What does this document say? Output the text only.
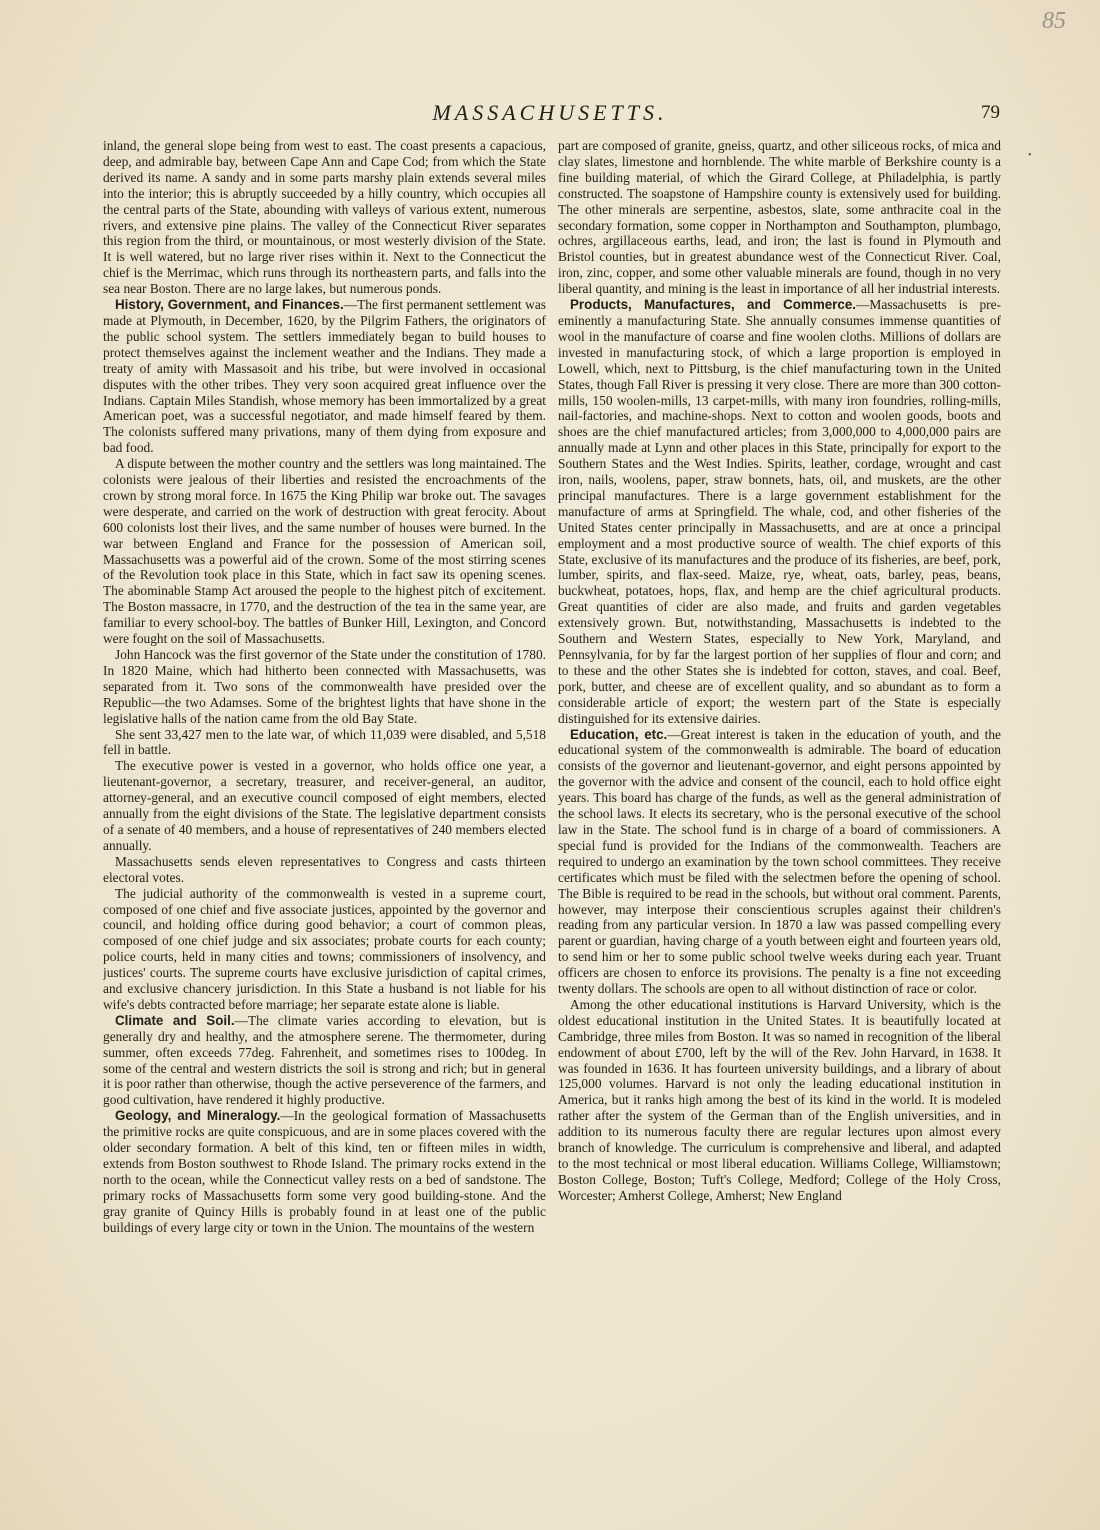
85
MASSACHUSETTS.	79
•

inland, the general slope being from west to east. The coast presents a capacious, deep, and admirable bay, between Cape Ann and Cape Cod; from which the State derived its name. A sandy and in some parts marshy plain extends several miles into the interior; this is abruptly succeeded by a hilly country, which occupies all the central parts of the State, abounding with valleys of various extent, numerous rivers, and extensive pine plains. The valley of the Connecticut River separates this region from the third, or mountainous, or most westerly division of the State. It is well watered, but no large river rises within it. Next to the Connecticut the chief is the Merrimac, which runs through its northeastern parts, and falls into the sea near Boston. There are no large lakes, but numerous ponds.

History, Government, and Finances.—The first permanent settlement was made at Plymouth, in December, 1620, by the Pilgrim Fathers, the originators of the public school system. The settlers immediately began to build houses to protect themselves against the inclement weather and the Indians. They made a treaty of amity with Massasoit and his tribe, but were involved in occasional disputes with the other tribes. They very soon acquired great influence over the Indians. Captain Miles Standish, whose memory has been immortalized by a great American poet, was a successful negotiator, and made himself feared by them. The colonists suffered many privations, many of them dying from exposure and bad food.

A dispute between the mother country and the settlers was long maintained. The colonists were jealous of their liberties and resisted the encroachments of the crown by strong moral force. In 1675 the King Philip war broke out. The savages were desperate, and carried on the work of destruction with great ferocity. About 600 colonists lost their lives, and the same number of houses were burned. In the war between England and France for the possession of American soil, Massachusetts was a powerful aid of the crown. Some of the most stirring scenes of the Revolution took place in this State, which in fact saw its opening scenes. The abominable Stamp Act aroused the people to the highest pitch of excitement. The Boston massacre, in 1770, and the destruction of the tea in the same year, are familiar to every school-boy. The battles of Bunker Hill, Lexington, and Concord were fought on the soil of Massachusetts.

John Hancock was the first governor of the State under the constitution of 1780. In 1820 Maine, which had hitherto been connected with Massachusetts, was separated from it. Two sons of the commonwealth have presided over the Republic—the two Adamses. Some of the brightest lights that have shone in the legislative halls of the nation came from the old Bay State.

She sent 33,427 men to the late war, of which 11,039 were disabled, and 5,518 fell in battle.

The executive power is vested in a governor, who holds office one year, a lieutenant-governor, a secretary, treasurer, and receiver-general, an auditor, attorney-general, and an executive council composed of eight members, elected annually from the eight divisions of the State. The legislative department consists of a senate of 40 members, and a house of representatives of 240 members elected annually.

Massachusetts sends eleven representatives to Congress and casts thirteen electoral votes.

The judicial authority of the commonwealth is vested in a supreme court, composed of one chief and five associate justices, appointed by the governor and council, and holding office during good behavior; a court of common pleas, composed of one chief judge and six associates; probate courts for each county; police courts, held in many cities and towns; commissioners of insolvency, and justices' courts. The supreme courts have exclusive jurisdiction of capital crimes, and exclusive chancery jurisdiction. In this State a husband is not liable for his wife's debts contracted before marriage; her separate estate alone is liable.

Climate and Soil.—The climate varies according to elevation, but is generally dry and healthy, and the atmosphere serene. The thermometer, during summer, often exceeds 77deg. Fahrenheit, and sometimes rises to 100deg. In some of the central and western districts the soil is strong and rich; but in general it is poor rather than otherwise, though the active perseverence of the farmers, and good cultivation, have rendered it highly productive.

Geology, and Mineralogy.—In the geological formation of Massachusetts the primitive rocks are quite conspicuous, and are in some places covered with the older secondary formation. A belt of this kind, ten or fifteen miles in width, extends from Boston southwest to Rhode Island. The primary rocks extend in the north to the ocean, while the Connecticut valley rests on a bed of sandstone. The primary rocks of Massachusetts form some very good building-stone. And the gray granite of Quincy Hills is probably found in at least one of the public buildings of every large city or town in the Union. The mountains of the western

part are composed of granite, gneiss, quartz, and other siliceous rocks, of mica and clay slates, limestone and hornblende. The white marble of Berkshire county is a fine building material, of which the Girard College, at Philadelphia, is partly constructed. The soapstone of Hampshire county is extensively used for building. The other minerals are serpentine, asbestos, slate, some anthracite coal in the secondary formation, some copper in Northampton and Southampton, plumbago, ochres, argillaceous earths, lead, and iron; the last is found in Plymouth and Bristol counties, but in greatest abundance west of the Connecticut River. Coal, iron, zinc, copper, and some other valuable minerals are found, though in no very liberal quantity, and mining is the least in importance of all her industrial interests.

Products, Manufactures, and Commerce.—Massachusetts is pre-eminently a manufacturing State. She annually consumes immense quantities of wool in the manufacture of coarse and fine woolen cloths. Millions of dollars are invested in manufacturing stock, of which a large proportion is employed in Lowell, which, next to Pittsburg, is the chief manufacturing town in the United States, though Fall River is pressing it very close. There are more than 300 cotton-mills, 150 woolen-mills, 13 carpet-mills, with many iron foundries, rolling-mills, nail-factories, and machine-shops. Next to cotton and woolen goods, boots and shoes are the chief manufactured articles; from 3,000,000 to 4,000,000 pairs are annually made at Lynn and other places in this State, principally for export to the Southern States and the West Indies. Spirits, leather, cordage, wrought and cast iron, nails, woolens, paper, straw bonnets, hats, oil, and muskets, are the other principal manufactures. There is a large government establishment for the manufacture of arms at Springfield. The whale, cod, and other fisheries of the United States center principally in Massachusetts, and are at once a principal employment and a most productive source of wealth. The chief exports of this State, exclusive of its manufactures and the produce of its fisheries, are beef, pork, lumber, spirits, and flax-seed. Maize, rye, wheat, oats, barley, peas, beans, buckwheat, potatoes, hops, flax, and hemp are the chief agricultural products. Great quantities of cider are also made, and fruits and garden vegetables extensively grown. But, notwithstanding, Massachusetts is indebted to the Southern and Western States, especially to New York, Maryland, and Pennsylvania, for by far the largest portion of her supplies of flour and corn; and to these and the other States she is indebted for cotton, staves, and coal. Beef, pork, butter, and cheese are of excellent quality, and so abundant as to form a considerable article of export; the western part of the State is especially distinguished for its extensive dairies.

Education, etc.—Great interest is taken in the education of youth, and the educational system of the commonwealth is admirable. The board of education consists of the governor and lieutenant-governor, and eight persons appointed by the governor with the advice and consent of the council, each to hold office eight years. This board has charge of the funds, as well as the general administration of the school laws. It elects its secretary, who is the personal executive of the school law in the State. The school fund is in charge of a board of commissioners. A special fund is provided for the Indians of the commonwealth. Teachers are required to undergo an examination by the town school committees. They receive certificates which must be filed with the selectmen before the opening of school. The Bible is required to be read in the schools, but without oral comment. Parents, however, may interpose their conscientious scruples against their children's reading from any particular version. In 1870 a law was passed compelling every parent or guardian, having charge of a youth between eight and fourteen years old, to send him or her to some public school twelve weeks during each year. Truant officers are chosen to enforce its provisions. The penalty is a fine not exceeding twenty dollars. The schools are open to all without distinction of race or color.

Among the other educational institutions is Harvard University, which is the oldest educational institution in the United States. It is beautifully located at Cambridge, three miles from Boston. It was so named in recognition of the liberal endowment of about £700, left by the will of the Rev. John Harvard, in 1638. It was founded in 1636. It has fourteen university buildings, and a library of about 125,000 volumes. Harvard is not only the leading educational institution in America, but it ranks high among the best of its kind in the world. It is modeled rather after the system of the German than of the English universities, and in addition to its numerous faculty there are regular lectures upon almost every branch of knowledge. The curriculum is comprehensive and liberal, and adapted to the most technical or most liberal education. Williams College, Williamstown; Boston College, Boston; Tuft's College, Medford; College of the Holy Cross, Worcester; Amherst College, Amherst; New England
